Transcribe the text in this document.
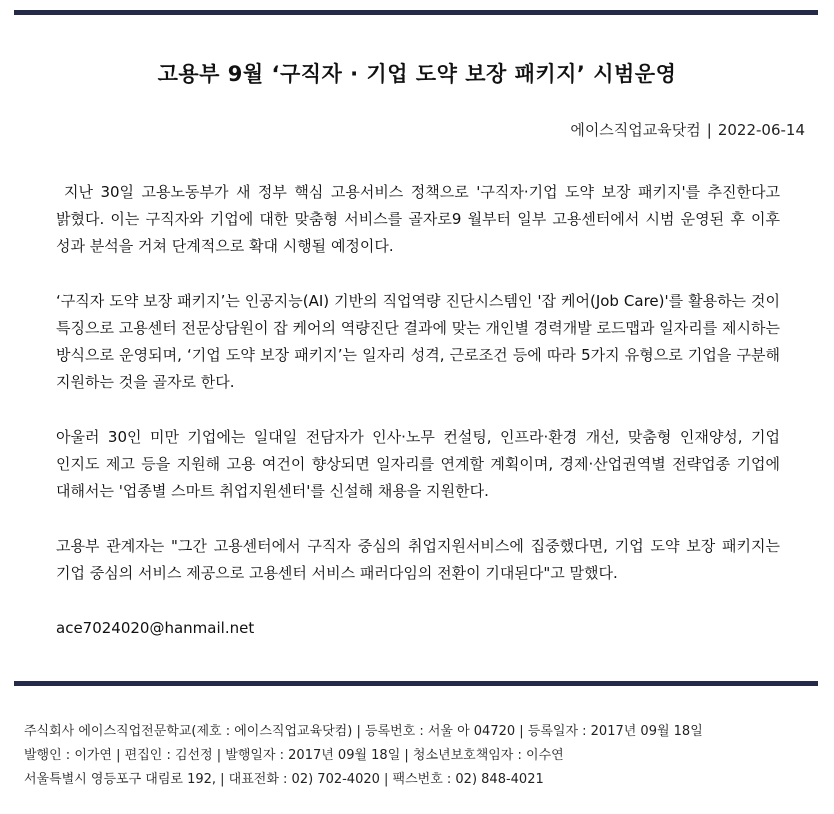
고용부 9월 ‘구직자 · 기업 도약 보장 패키지’ 시범운영
에이스직업교육닷컴 | 2022-06-14

지난 30일 고용노동부가 새 정부 핵심 고용서비스 정책으로 '구직자·기업 도약 보장 패키지'를 추진한다고 밝혔다. 이는 구직자와 기업에 대한 맞춤형 서비스를 골자로9 월부터 일부 고용센터에서 시범 운영된 후 이후 성과 분석을 거쳐 단계적으로 확대 시행될 예정이다.

‘구직자 도약 보장 패키지’는 인공지능(AI) 기반의 직업역량 진단시스템인 '잡 케어(Job Care)'를 활용하는 것이 특징으로 고용센터 전문상담원이 잡 케어의 역량진단 결과에 맞는 개인별 경력개발 로드맵과 일자리를 제시하는 방식으로 운영되며, ‘기업 도약 보장 패키지’는 일자리 성격, 근로조건 등에 따라 5가지 유형으로 기업을 구분해 지원하는 것을 골자로 한다.

아울러 30인 미만 기업에는 일대일 전담자가 인사·노무 컨설팅, 인프라·환경 개선, 맞춤형 인재양성, 기업 인지도 제고 등을 지원해 고용 여건이 향상되면 일자리를 연계할 계획이며, 경제·산업권역별 전략업종 기업에 대해서는 '업종별 스마트 취업지원센터'를 신설해 채용을 지원한다.

고용부 관계자는 "그간 고용센터에서 구직자 중심의 취업지원서비스에 집중했다면, 기업 도약 보장 패키지는 기업 중심의 서비스 제공으로 고용센터 서비스 패러다임의 전환이 기대된다"고 말했다.

ace7024020@hanmail.net

주식회사 에이스직업전문학교(제호 : 에이스직업교육닷컴) | 등록번호 : 서울 아 04720 | 등록일자 : 2017년 09월 18일
발행인 : 이가연 | 편집인 : 김선정 | 발행일자 : 2017년 09월 18일 | 청소년보호책임자 : 이수연
서울특별시 영등포구 대림로 192, | 대표전화 : 02) 702-4020 | 팩스번호 : 02) 848-4021
